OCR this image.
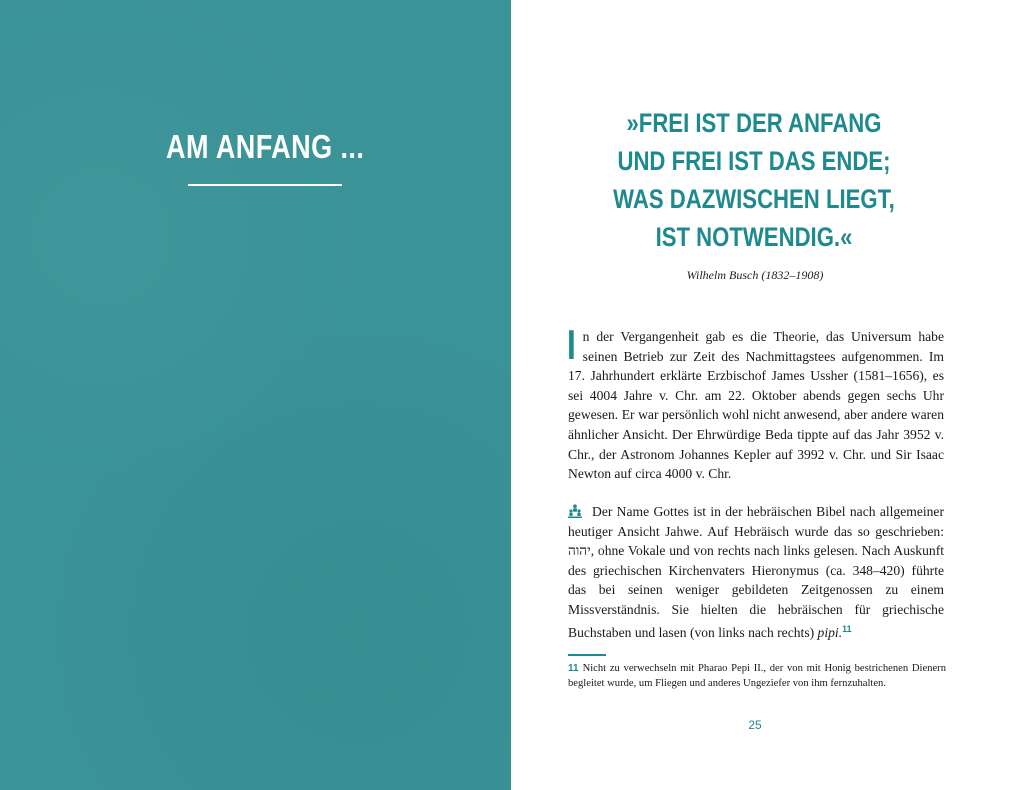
AM ANFANG ...
»FREI IST DER ANFANG
UND FREI IST DAS ENDE;
WAS DAZWISCHEN LIEGT,
IST NOTWENDIG.«
Wilhelm Busch (1832–1908)
I n der Vergangenheit gab es die Theorie, das Universum habe seinen Betrieb zur Zeit des Nachmittagstees aufgenommen. Im 17. Jahrhundert erklärte Erzbischof James Ussher (1581–1656), es sei 4004 Jahre v. Chr. am 22. Oktober abends gegen sechs Uhr gewesen. Er war persönlich wohl nicht anwesend, aber andere waren ähnlicher Ansicht. Der Ehrwürdige Beda tippte auf das Jahr 3952 v. Chr., der Astronom Johannes Kepler auf 3992 v. Chr. und Sir Isaac Newton auf circa 4000 v. Chr.

Der Name Gottes ist in der hebräischen Bibel nach allgemeiner heutiger Ansicht Jahwe. Auf Hebräisch wurde das so geschrieben: יהוה, ohne Vokale und von rechts nach links gelesen. Nach Auskunft des griechischen Kirchenvaters Hieronymus (ca. 348–420) führte das bei seinen weniger gebildeten Zeitgenossen zu einem Missverständnis. Sie hielten die hebräischen für griechische Buchstaben und lasen (von links nach rechts) pipi.$^{11}$
11 Nicht zu verwechseln mit Pharao Pepi II., der von mit Honig bestrichenen Dienern begleitet wurde, um Fliegen und anderes Ungeziefer von ihm fernzuhalten.
25
